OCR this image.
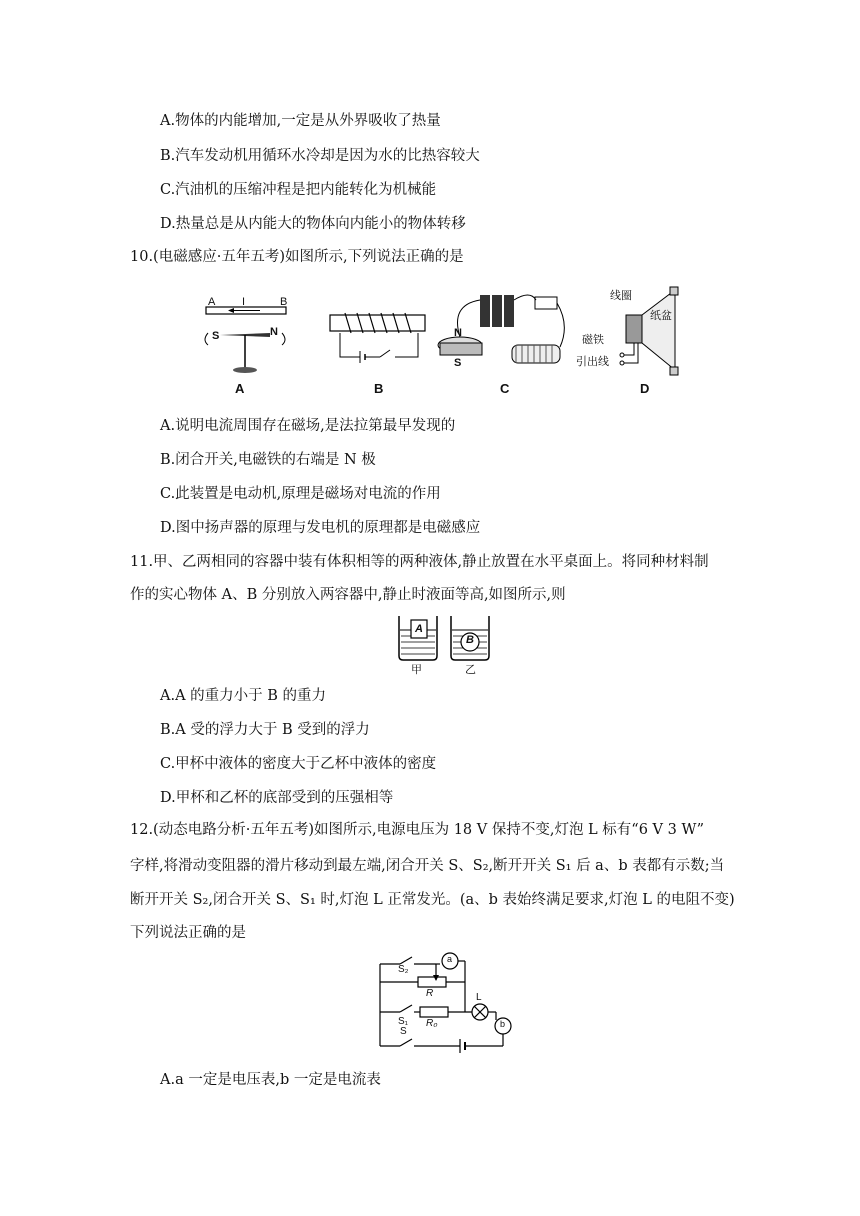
A.物体的内能增加,一定是从外界吸收了热量
B.汽车发动机用循环水冷却是因为水的比热容较大
C.汽油机的压缩冲程是把内能转化为机械能
D.热量总是从内能大的物体向内能小的物体转移
10.(电磁感应·五年五考)如图所示,下列说法正确的是
A I	B
S	N	N
S
线圈
纸盆
磁铁
引出线
A	B	C	D
A.说明电流周围存在磁场,是法拉第最早发现的
B.闭合开关,电磁铁的右端是 N 极
C.此装置是电动机,原理是磁场对电流的作用
D.图中扬声器的原理与发电机的原理都是电磁感应
11.甲、乙两相同的容器中装有体积相等的两种液体,静止放置在水平桌面上。将同种材料制
作的实心物体 A、B 分别放入两容器中,静止时液面等高,如图所示,则
A
B
甲	乙
A.A 的重力小于 B 的重力
B.A 受的浮力大于 B 受到的浮力
C.甲杯中液体的密度大于乙杯中液体的密度
D.甲杯和乙杯的底部受到的压强相等
12.(动态电路分析·五年五考)如图所示,电源电压为 18 V 保持不变,灯泡 L 标有“6 V 3 W”
字样,将滑动变阻器的滑片移动到最左端,闭合开关 S、S₂,断开开关 S₁ 后 a、b 表都有示数;当
断开开关 S₂,闭合开关 S、S₁ 时,灯泡 L 正常发光。(a、b 表始终满足要求,灯泡 L 的电阻不变)
下列说法正确的是
S₂
a
R	L
S₁ R₀	b
S
A.a 一定是电压表,b 一定是电流表
